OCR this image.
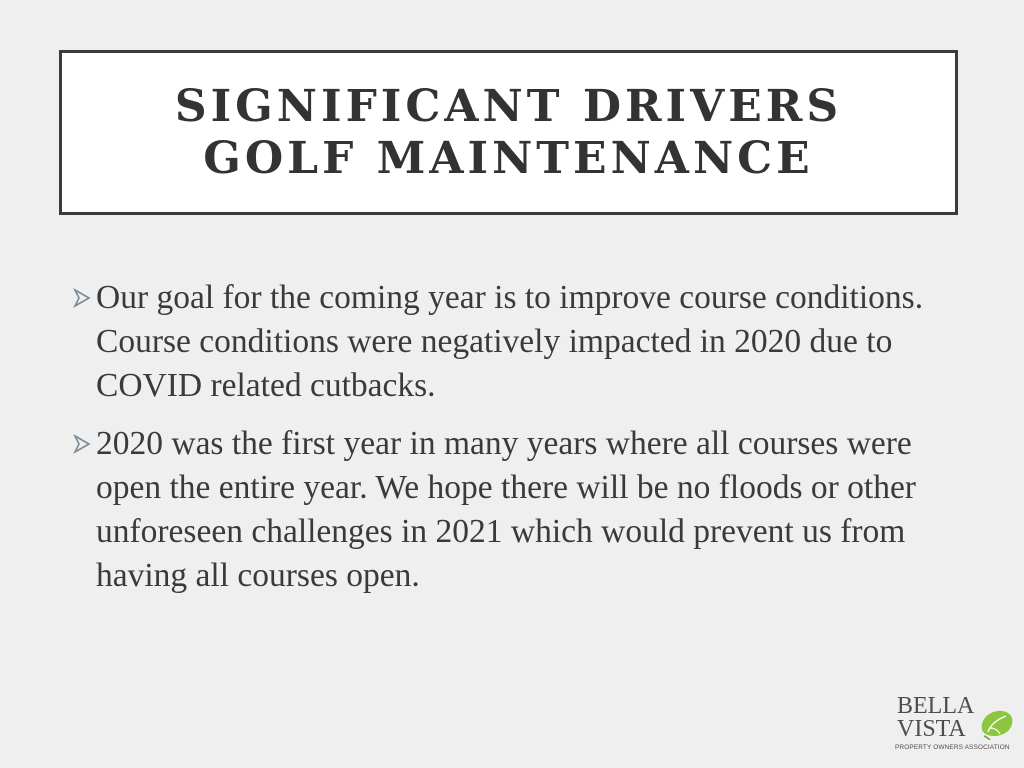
SIGNIFICANT DRIVERS
GOLF MAINTENANCE
Our goal for the coming year is to improve course conditions. Course conditions were negatively impacted in 2020 due to COVID related cutbacks.
2020 was the first year in many years where all courses were open the entire year. We hope there will be no floods or other unforeseen challenges in 2021 which would prevent us from having all courses open.
BELLA
VISTA
PROPERTY OWNERS ASSOCIATION
